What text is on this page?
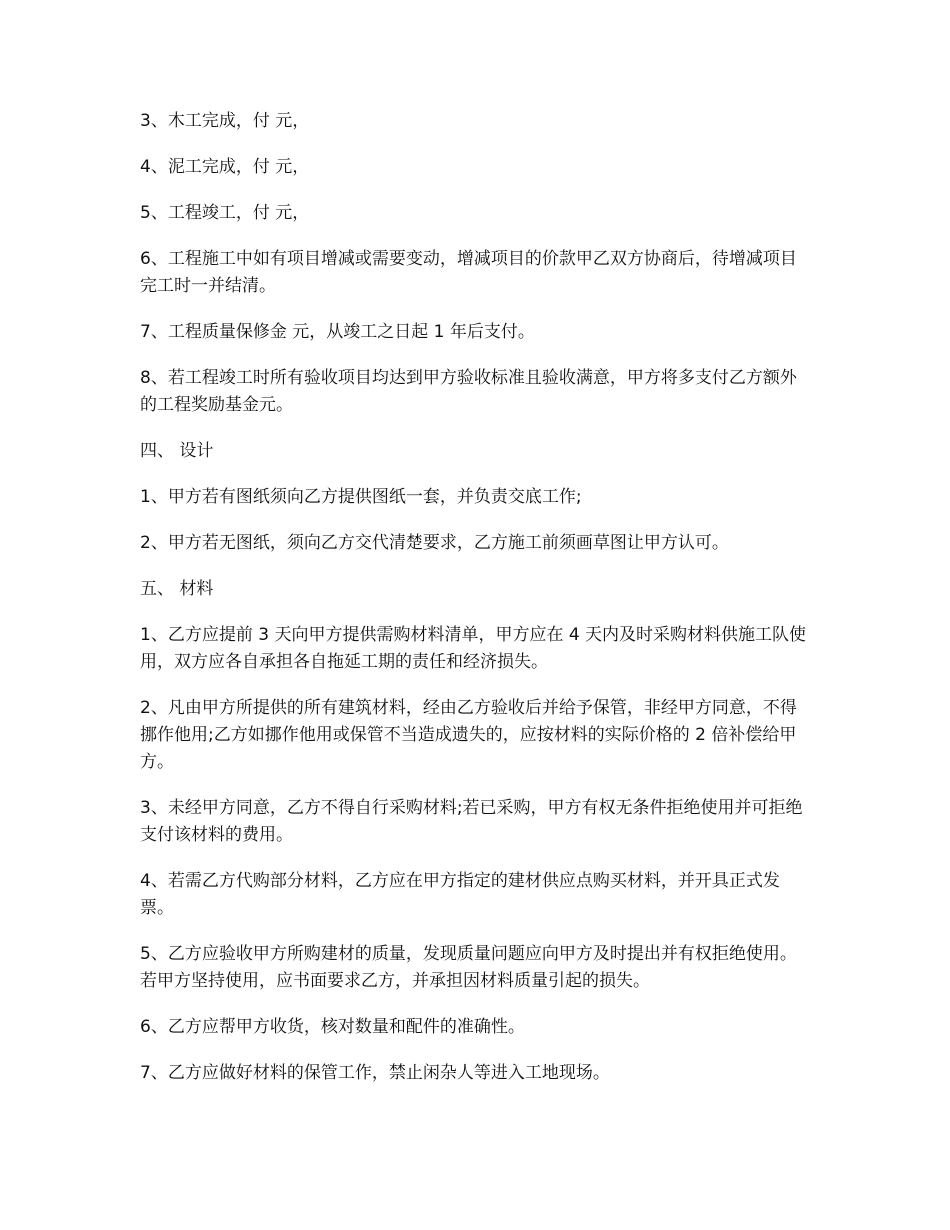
3、木工完成，付 元，

4、泥工完成，付 元，

5、工程竣工，付 元，

6、工程施工中如有项目增减或需要变动，增减项目的价款甲乙双方协商后，待增减项目完工时一并结清。

7、工程质量保修金 元，从竣工之日起 1 年后支付。

8、若工程竣工时所有验收项目均达到甲方验收标准且验收满意，甲方将多支付乙方额外的工程奖励基金元。

四、 设计

1、甲方若有图纸须向乙方提供图纸一套，并负责交底工作;

2、甲方若无图纸，须向乙方交代清楚要求，乙方施工前须画草图让甲方认可。

五、 材料

1、乙方应提前 3 天向甲方提供需购材料清单，甲方应在 4 天内及时采购材料供施工队使用，双方应各自承担各自拖延工期的责任和经济损失。

2、凡由甲方所提供的所有建筑材料，经由乙方验收后并给予保管，非经甲方同意，不得挪作他用;乙方如挪作他用或保管不当造成遗失的，应按材料的实际价格的 2 倍补偿给甲方。

3、未经甲方同意，乙方不得自行采购材料;若已采购，甲方有权无条件拒绝使用并可拒绝支付该材料的费用。

4、若需乙方代购部分材料，乙方应在甲方指定的建材供应点购买材料，并开具正式发票。

5、乙方应验收甲方所购建材的质量，发现质量问题应向甲方及时提出并有权拒绝使用。若甲方坚持使用，应书面要求乙方，并承担因材料质量引起的损失。

6、乙方应帮甲方收货，核对数量和配件的准确性。

7、乙方应做好材料的保管工作，禁止闲杂人等进入工地现场。
